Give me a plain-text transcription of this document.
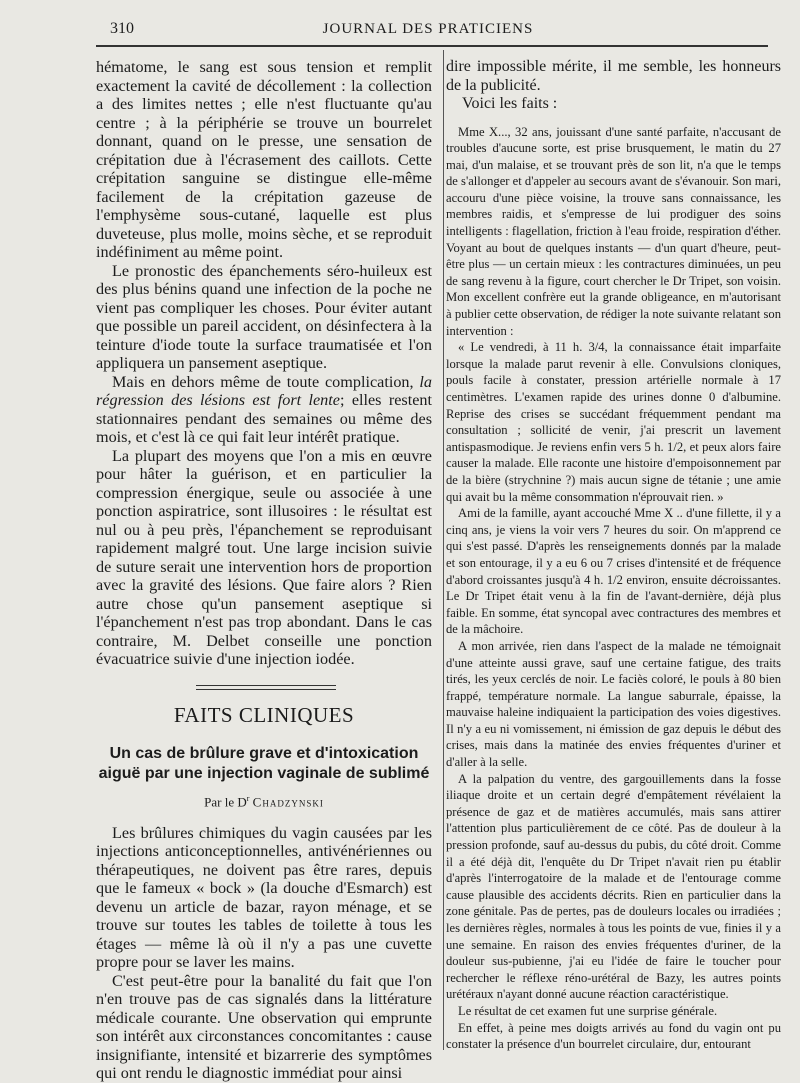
310	JOURNAL DES PRATICIENS

hématome, le sang est sous tension et remplit exactement la cavité de décollement : la collection a des limites nettes ; elle n'est fluctuante qu'au centre ; à la périphérie se trouve un bourrelet donnant, quand on le presse, une sensation de crépitation due à l'écrasement des caillots. Cette crépitation sanguine se distingue elle-même facilement de la crépitation gazeuse de l'emphysème sous-cutané, laquelle est plus duveteuse, plus molle, moins sèche, et se reproduit indéfiniment au même point.

Le pronostic des épanchements séro-huileux est des plus bénins quand une infection de la poche ne vient pas compliquer les choses. Pour éviter autant que possible un pareil accident, on désinfectera à la teinture d'iode toute la surface traumatisée et l'on appliquera un pansement aseptique.

Mais en dehors même de toute complication, la régression des lésions est fort lente; elles restent stationnaires pendant des semaines ou même des mois, et c'est là ce qui fait leur intérêt pratique.

La plupart des moyens que l'on a mis en œuvre pour hâter la guérison, et en particulier la compression énergique, seule ou associée à une ponction aspiratrice, sont illusoires : le résultat est nul ou à peu près, l'épanchement se reproduisant rapidement malgré tout. Une large incision suivie de suture serait une intervention hors de proportion avec la gravité des lésions. Que faire alors ? Rien autre chose qu'un pansement aseptique si l'épanchement n'est pas trop abondant. Dans le cas contraire, M. Delbet conseille une ponction évacuatrice suivie d'une injection iodée.

FAITS CLINIQUES
Un cas de brûlure grave et d'intoxication aiguë par une injection vaginale de sublimé
Par le $D^r$ Chadzynski

Les brûlures chimiques du vagin causées par les injections anticonceptionnelles, antivénériennes ou thérapeutiques, ne doivent pas être rares, depuis que le fameux « bock » (la douche d'Esmarch) est devenu un article de bazar, rayon ménage, et se trouve sur toutes les tables de toilette à tous les étages — même là où il n'y a pas une cuvette propre pour se laver les mains.

C'est peut-être pour la banalité du fait que l'on n'en trouve pas de cas signalés dans la littérature médicale courante. Une observation qui emprunte son intérêt aux circonstances concomitantes : cause insignifiante, intensité et bizarrerie des symptômes qui ont rendu le diagnostic immédiat pour ainsi

dire impossible mérite, il me semble, les honneurs de la publicité.

Voici les faits :

Mme X..., 32 ans, jouissant d'une santé parfaite, n'accusant de troubles d'aucune sorte, est prise brusquement, le matin du 27 mai, d'un malaise, et se trouvant près de son lit, n'a que le temps de s'allonger et d'appeler au secours avant de s'évanouir. Son mari, accouru d'une pièce voisine, la trouve sans connaissance, les membres raidis, et s'empresse de lui prodiguer des soins intelligents : flagellation, friction à l'eau froide, respiration d'éther. Voyant au bout de quelques instants — d'un quart d'heure, peut-être plus — un certain mieux : les contractures diminuées, un peu de sang revenu à la figure, court chercher le Dr Tripet, son voisin. Mon excellent confrère eut la grande obligeance, en m'autorisant à publier cette observation, de rédiger la note suivante relatant son intervention :

« Le vendredi, à 11 h. 3/4, la connaissance était imparfaite lorsque la malade parut revenir à elle. Convulsions cloniques, pouls facile à constater, pression artérielle normale à 17 centimètres. L'examen rapide des urines donne 0 d'albumine. Reprise des crises se succédant fréquemment pendant ma consultation ; sollicité de venir, j'ai prescrit un lavement antispasmodique. Je reviens enfin vers 5 h. 1/2, et peux alors faire causer la malade. Elle raconte une histoire d'empoisonnement par de la bière (strychnine ?) mais aucun signe de tétanie ; une amie qui avait bu la même consommation n'éprouvait rien. »

Ami de la famille, ayant accouché Mme X .. d'une fillette, il y a cinq ans, je viens la voir vers 7 heures du soir. On m'apprend ce qui s'est passé. D'après les renseignements donnés par la malade et son entourage, il y a eu 6 ou 7 crises d'intensité et de fréquence d'abord croissantes jusqu'à 4 h. 1/2 environ, ensuite décroissantes. Le Dr Tripet était venu à la fin de l'avant-dernière, déjà plus faible. En somme, état syncopal avec contractures des membres et de la mâchoire.

A mon arrivée, rien dans l'aspect de la malade ne témoignait d'une atteinte aussi grave, sauf une certaine fatigue, des traits tirés, les yeux cerclés de noir. Le faciès coloré, le pouls à 80 bien frappé, température normale. La langue saburrale, épaisse, la mauvaise haleine indiquaient la participation des voies digestives. Il n'y a eu ni vomissement, ni émission de gaz depuis le début des crises, mais dans la matinée des envies fréquentes d'uriner et d'aller à la selle.

A la palpation du ventre, des gargouillements dans la fosse iliaque droite et un certain degré d'empâtement révélaient la présence de gaz et de matières accumulés, mais sans attirer l'attention plus particulièrement de ce côté. Pas de douleur à la pression profonde, sauf au-dessus du pubis, du côté droit. Comme il a été déjà dit, l'enquête du Dr Tripet n'avait rien pu établir d'après l'interrogatoire de la malade et de l'entourage comme cause plausible des accidents décrits. Rien en particulier dans la zone génitale. Pas de pertes, pas de douleurs locales ou irradiées ; les dernières règles, normales à tous les points de vue, finies il y a une semaine. En raison des envies fréquentes d'uriner, de la douleur sus-pubienne, j'ai eu l'idée de faire le toucher pour rechercher le réflexe réno-urétéral de Bazy, les autres points urétéraux n'ayant donné aucune réaction caractéristique.

Le résultat de cet examen fut une surprise générale.

En effet, à peine mes doigts arrivés au fond du vagin ont pu constater la présence d'un bourrelet circulaire, dur, entourant
